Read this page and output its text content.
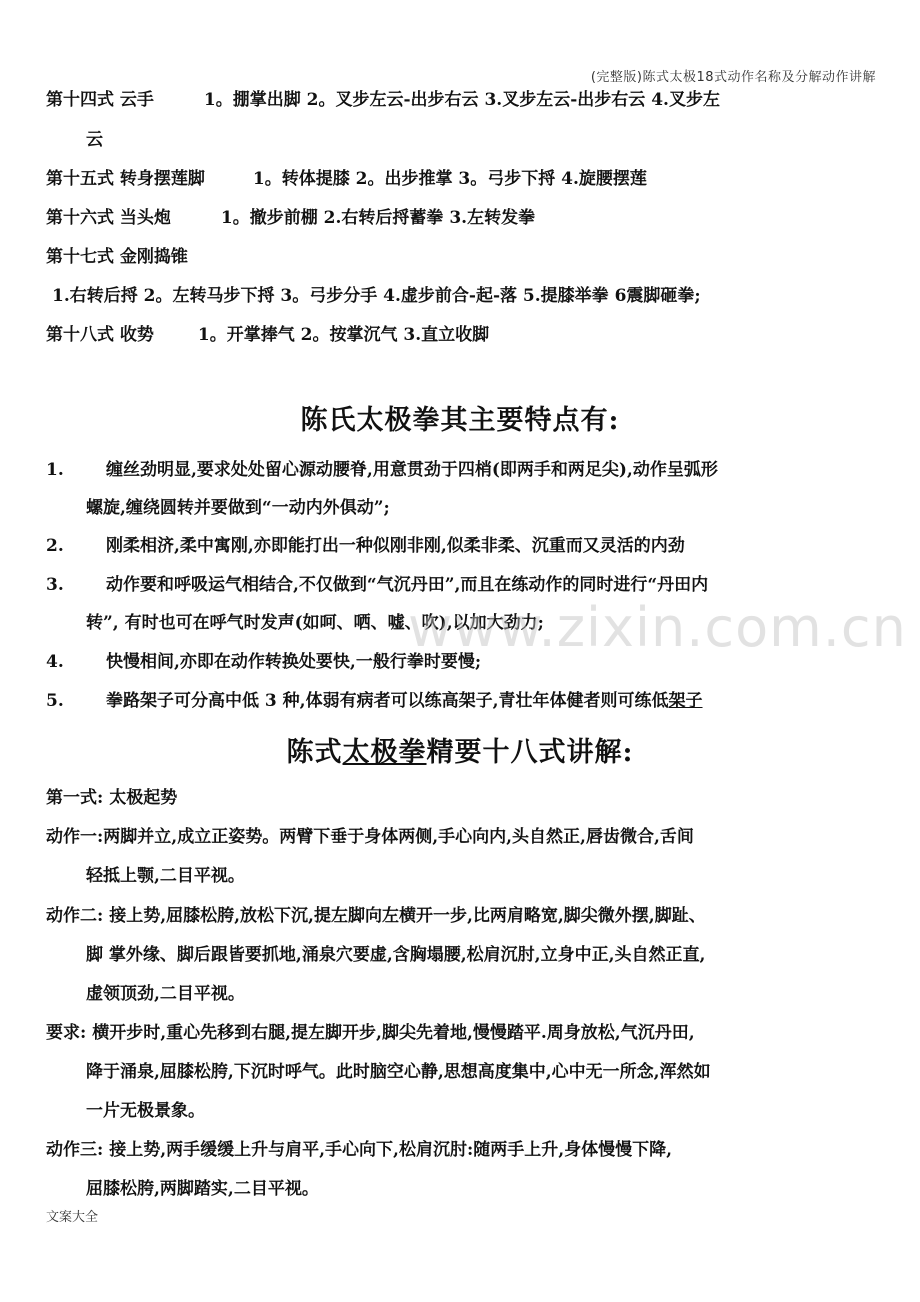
(完整版)陈式太极18式动作名称及分解动作讲解
第十四式 云手	1。掤掌出脚 2。叉步左云-出步右云 3.叉步左云-出步右云 4.叉步左
云
第十五式 转身摆莲脚	1。转体提膝 2。出步推掌 3。弓步下捋 4.旋腰摆莲
第十六式 当头炮	1。撤步前棚 2.右转后捋蓄拳 3.左转发拳
第十七式 金刚捣锥
1.右转后捋 2。左转马步下捋 3。弓步分手 4.虚步前合-起-落 5.提膝举拳 6震脚砸拳;
第十八式 收势	1。开掌捧气 2。按掌沉气 3.直立收脚
陈氏太极拳其主要特点有:
1. 缠丝劲明显,要求处处留心源动腰脊,用意贯劲于四梢(即两手和两足尖),动作呈弧形
螺旋,缠绕圆转并要做到“一动内外俱动”;
2. 刚柔相济,柔中寓刚,亦即能打出一种似刚非刚,似柔非柔、沉重而又灵活的内劲
3. 动作要和呼吸运气相结合,不仅做到“气沉丹田”,而且在练动作的同时进行“丹田内
转”, 有时也可在呼气时发声(如呵、哂、嘘、吹),以加大劲力;
4. 快慢相间,亦即在动作转换处要快,一般行拳时要慢;
5. 拳路架子可分高中低 3 种,体弱有病者可以练高架子,青壮年体健者则可练低架子
陈式太极拳精要十八式讲解:
第一式: 太极起势
动作一:两脚并立,成立正姿势。两臂下垂于身体两侧,手心向内,头自然正,唇齿微合,舌间
轻抵上颚,二目平视。
动作二: 接上势,屈膝松胯,放松下沉,提左脚向左横开一步,比两肩略宽,脚尖微外摆,脚趾、
脚 掌外缘、脚后跟皆要抓地,涌泉穴要虚,含胸塌腰,松肩沉肘,立身中正,头自然正直,
虚领顶劲,二目平视。
要求: 横开步时,重心先移到右腿,提左脚开步,脚尖先着地,慢慢踏平.周身放松,气沉丹田,
降于涌泉,屈膝松胯,下沉时呼气。此时脑空心静,思想高度集中,心中无一所念,浑然如
一片无极景象。
动作三: 接上势,两手缓缓上升与肩平,手心向下,松肩沉肘:随两手上升,身体慢慢下降,
屈膝松胯,两脚踏实,二目平视。
www.zixin.com.cn
文案大全
